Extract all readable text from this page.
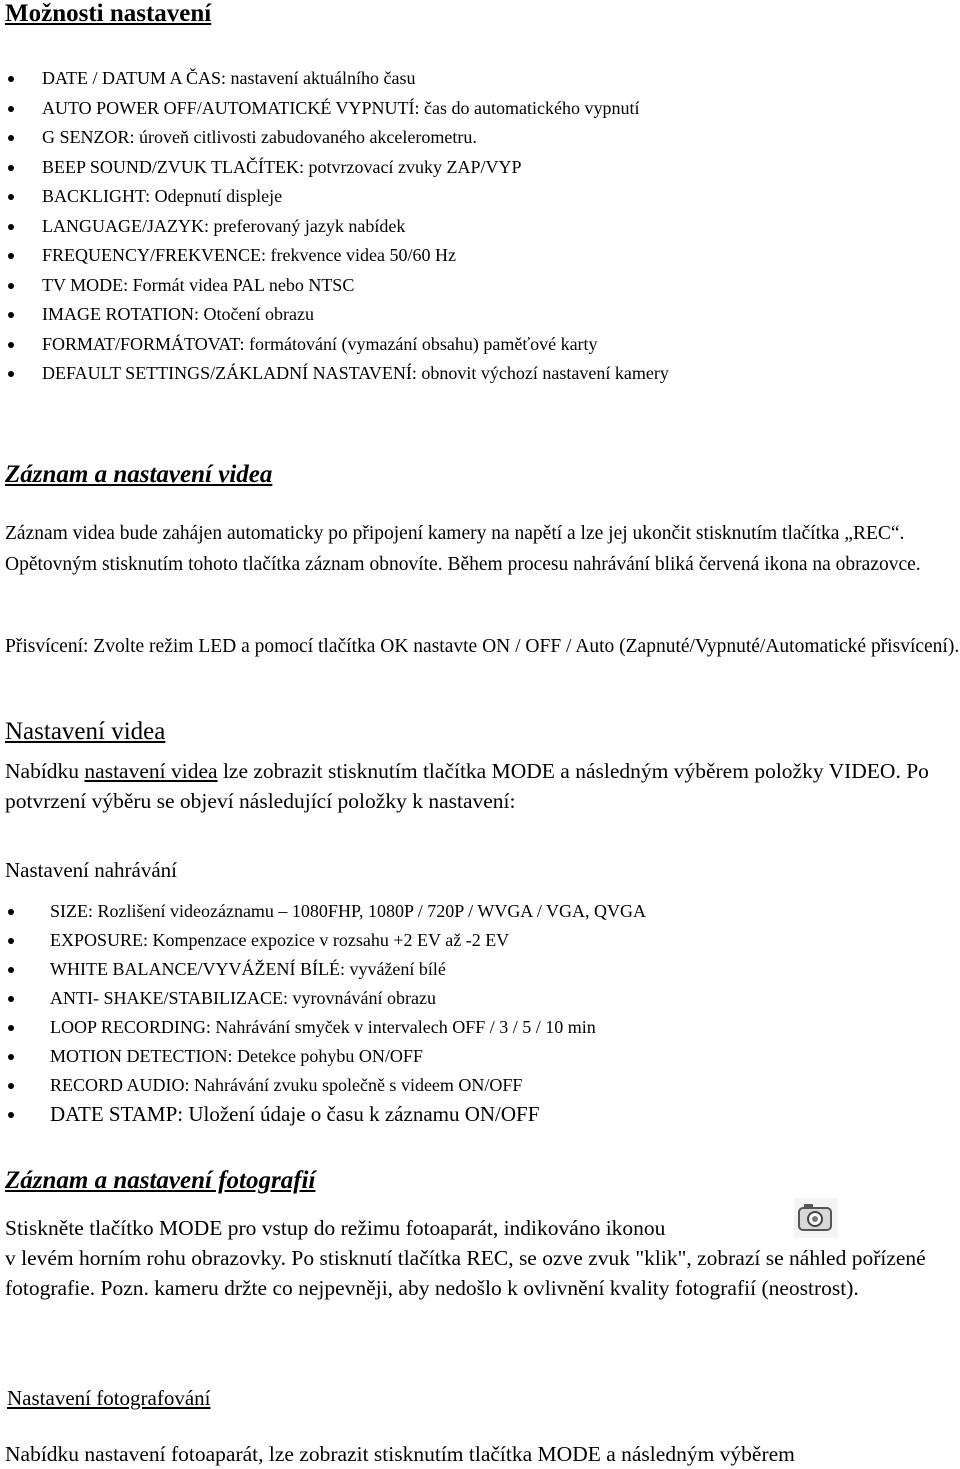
Možnosti nastavení
DATE / DATUM A ČAS: nastavení aktuálního času
AUTO POWER OFF/AUTOMATICKÉ VYPNUTÍ: čas do automatického vypnutí
G SENZOR: úroveň citlivosti zabudovaného akcelerometru.
BEEP SOUND/ZVUK TLAČÍTEK: potvrzovací zvuky ZAP/VYP
BACKLIGHT: Odepnutí displeje
LANGUAGE/JAZYK: preferovaný jazyk nabídek
FREQUENCY/FREKVENCE: frekvence videa 50/60 Hz
TV MODE: Formát videa PAL nebo NTSC
IMAGE ROTATION: Otočení obrazu
FORMAT/FORMÁTOVAT: formátování (vymazání obsahu) paměťové karty
DEFAULT SETTINGS/ZÁKLADNÍ NASTAVENÍ: obnovit výchozí nastavení kamery
Záznam a nastavení videa

Záznam videa bude zahájen automaticky po připojení kamery na napětí a lze jej ukončit stisknutím tlačítka „REC“. Opětovným stisknutím tohoto tlačítka záznam obnovíte. Během procesu nahrávání bliká červená ikona na obrazovce.

Přisvícení: Zvolte režim LED a pomocí tlačítka OK nastavte ON / OFF / Auto (Zapnuté/Vypnuté/Automatické přisvícení).

Nastavení videa

Nabídku nastavení videa lze zobrazit stisknutím tlačítka MODE a následným výběrem položky VIDEO. Po potvrzení výběru se objeví následující položky k nastavení:

Nastavení nahrávání
SIZE: Rozlišení videozáznamu – 1080FHP, 1080P / 720P / WVGA / VGA, QVGA
EXPOSURE: Kompenzace expozice v rozsahu +2 EV až -2 EV
WHITE BALANCE/VYVÁŽENÍ BÍLÉ: vyvážení bílé
ANTI- SHAKE/STABILIZACE: vyrovnávání obrazu
LOOP RECORDING: Nahrávání smyček v intervalech OFF / 3 / 5 / 10 min
MOTION DETECTION: Detekce pohybu ON/OFF
RECORD AUDIO: Nahrávání zvuku společně s videem ON/OFF
DATE STAMP: Uložení údaje o času k záznamu ON/OFF
Záznam a nastavení fotografií

Stiskněte tlačítko MODE pro vstup do režimu fotoaparát, indikováno ikonou
v levém horním rohu obrazovky. Po stisknutí tlačítka REC, se ozve zvuk "klik", zobrazí se náhled pořízené fotografie. Pozn. kameru držte co nejpevněji, aby nedošlo k ovlivnění kvality fotografií (neostrost).

Nastavení fotografování

Nabídku nastavení fotoaparát, lze zobrazit stisknutím tlačítka MODE a následným výběrem
